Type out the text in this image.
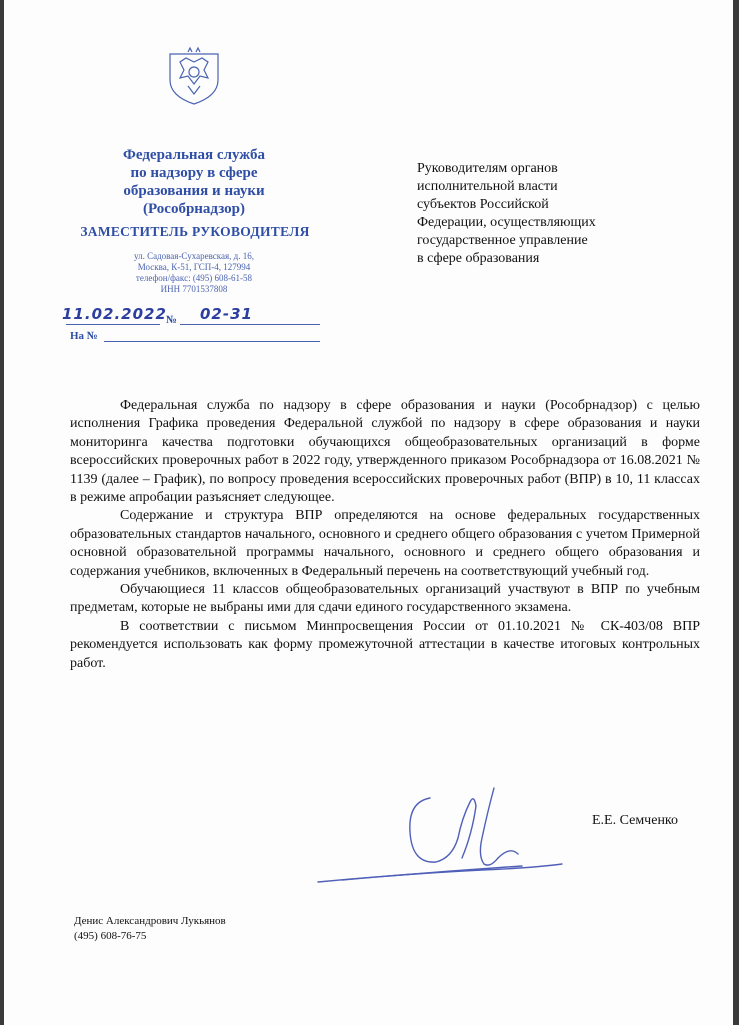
Федеральная служба
по надзору в сфере
образования и науки
(Рособрнадзор)
ЗАМЕСТИТЕЛЬ РУКОВОДИТЕЛЯ
ул. Садовая-Сухаревская, д. 16,
Москва, К-51, ГСП-4, 127994
телефон/факс: (495) 608-61-58
ИНН 7701537808
11.02.2022 № 02-31
На №
Руководителям органов
исполнительной власти
субъектов Российской
Федерации, осуществляющих
государственное управление
в сфере образования

Федеральная служба по надзору в сфере образования и науки (Рособрнадзор) с целью исполнения Графика проведения Федеральной службой по надзору в сфере образования и науки мониторинга качества подготовки обучающихся общеобразовательных организаций в форме всероссийских проверочных работ в 2022 году, утвержденного приказом Рособрнадзора от 16.08.2021 № 1139 (далее – График), по вопросу проведения всероссийских проверочных работ (ВПР) в 10, 11 классах в режиме апробации разъясняет следующее.

Содержание и структура ВПР определяются на основе федеральных государственных образовательных стандартов начального, основного и среднего общего образования с учетом Примерной основной образовательной программы начального, основного и среднего общего образования и содержания учебников, включенных в Федеральный перечень на соответствующий учебный год.

Обучающиеся 11 классов общеобразовательных организаций участвуют в ВПР по учебным предметам, которые не выбраны ими для сдачи единого государственного экзамена.

В соответствии с письмом Минпросвещения России от 01.10.2021 № СК-403/08 ВПР рекомендуется использовать как форму промежуточной аттестации в качестве итоговых контрольных работ.

Е.Е. Семченко
Денис Александрович Лукьянов
(495) 608-76-75
